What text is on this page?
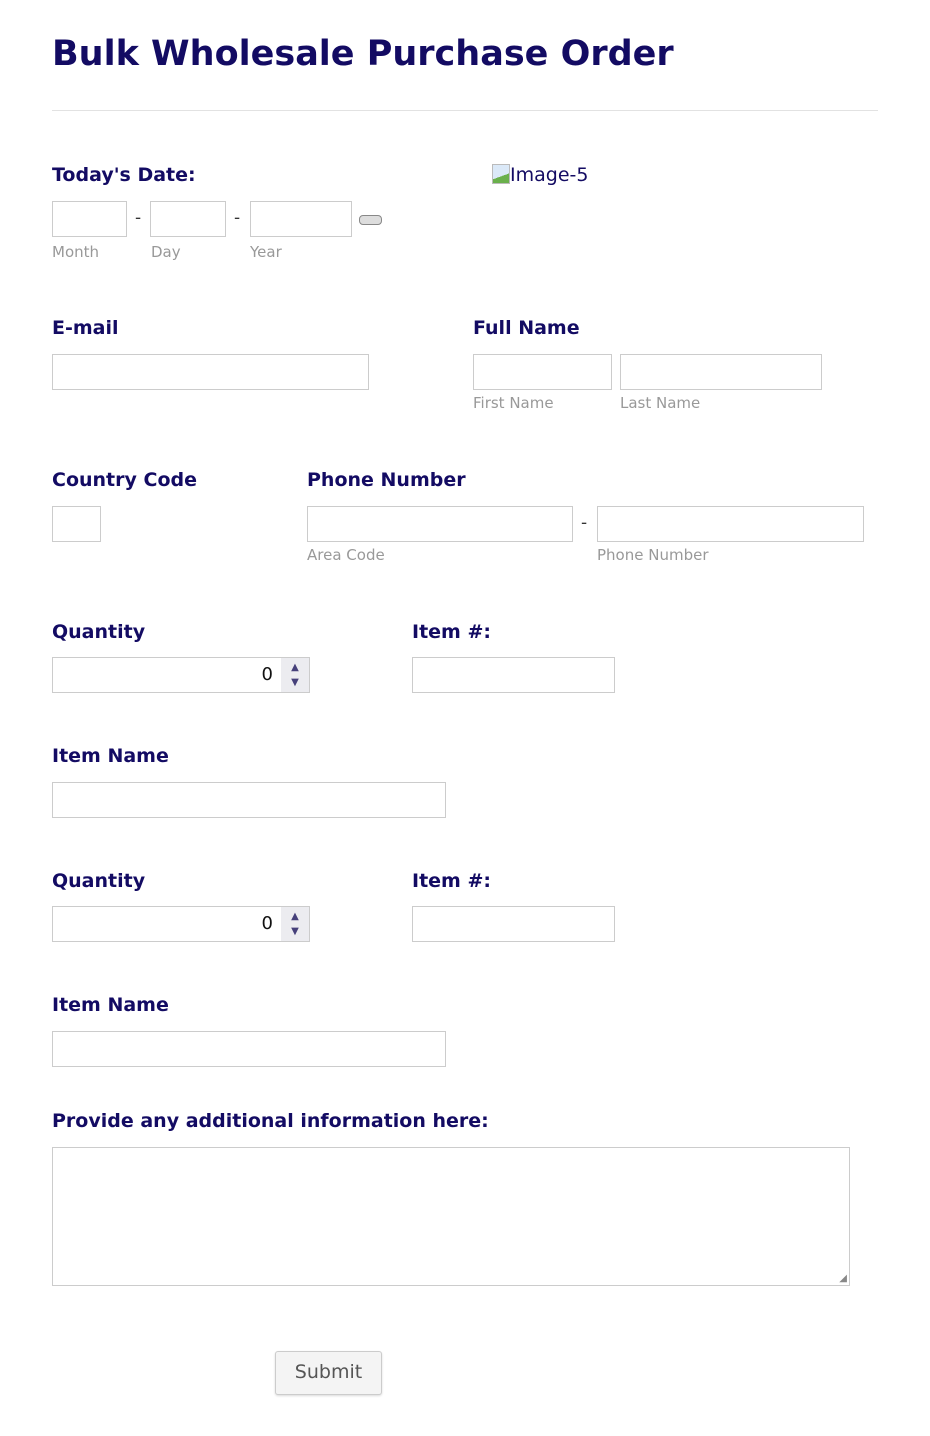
Bulk Wholesale Purchase Order
Today's Date:
-	-
Month	Day	Year
Image-5
E-mail	Full Name
First Name	Last Name
Country Code	Phone Number
-
Area Code	Phone Number
Quantity
0	▲
▼
Item #:
Item Name
Quantity
0	▲
▼
Item #:
Item Name
Provide any additional information here:
◢
Submit
